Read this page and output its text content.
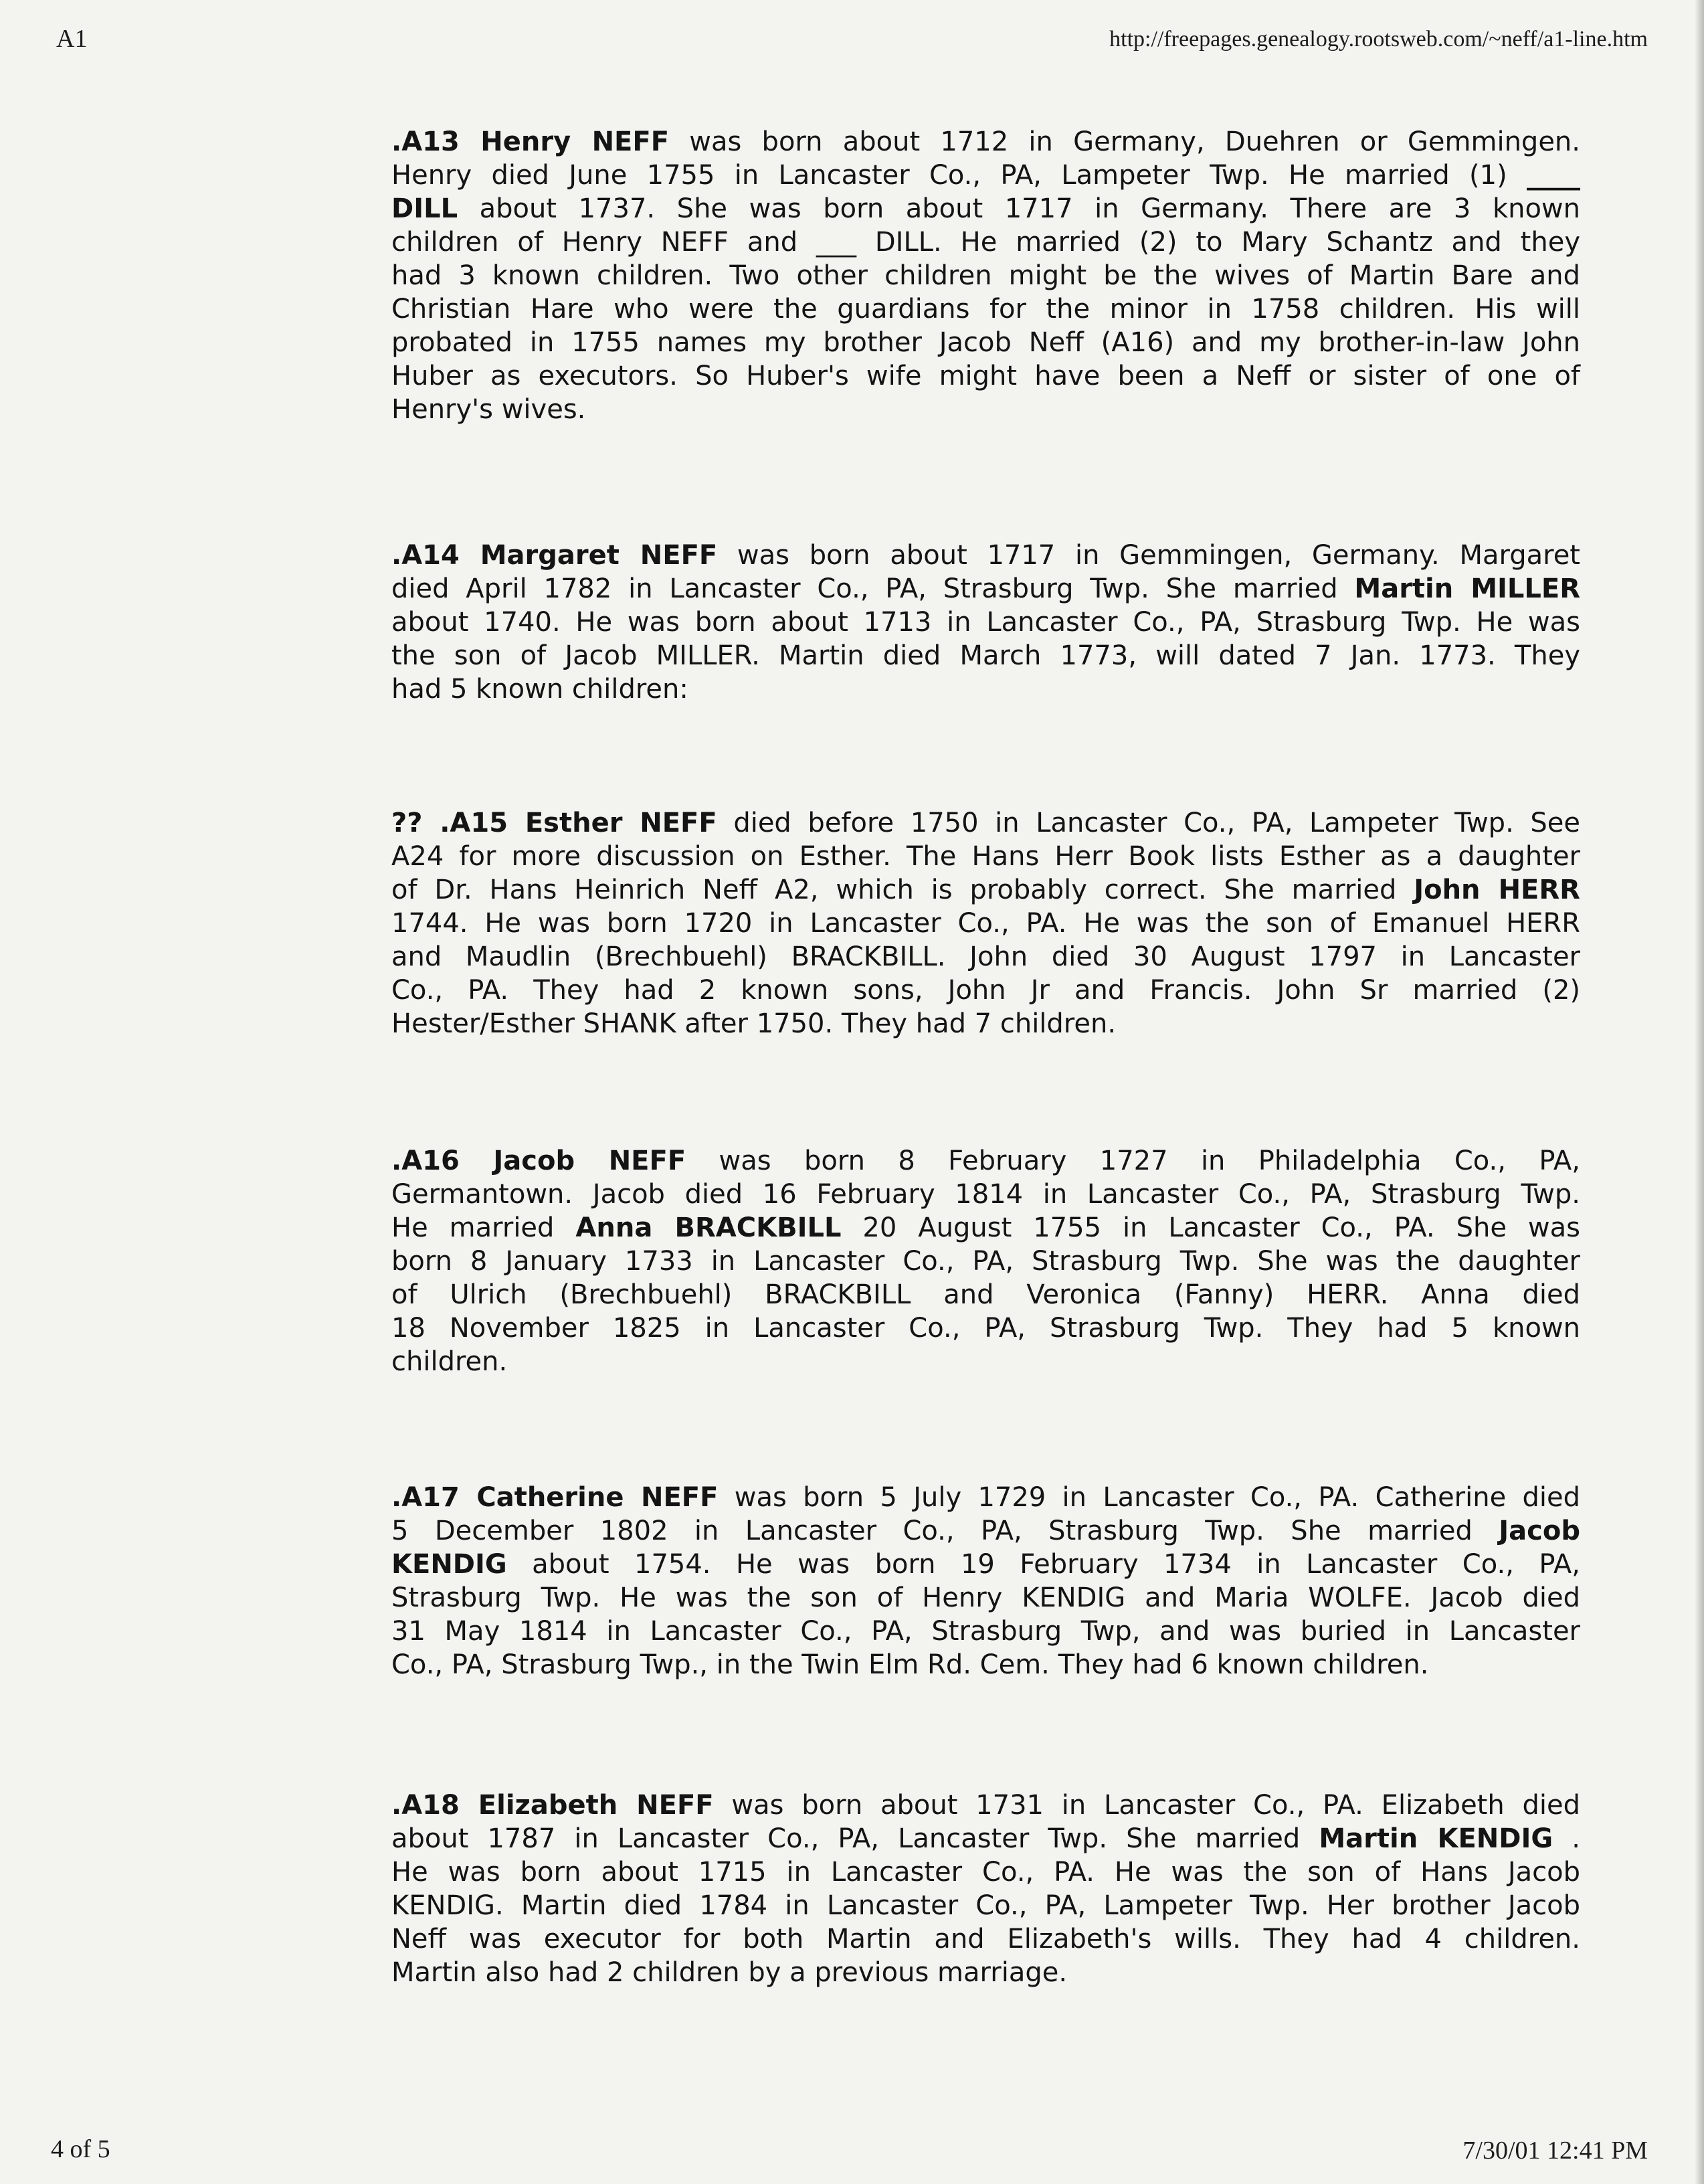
A1	http://freepages.genealogy.rootsweb.com/~neff/a1-line.htm
.A13 Henry NEFF was born about 1712 in Germany, Duehren or Gemmingen.
Henry died June 1755 in Lancaster Co., PA, Lampeter Twp. He married (1) ____
DILL about 1737. She was born about 1717 in Germany. There are 3 known
children of Henry NEFF and ___ DILL. He married (2) to Mary Schantz and they
had 3 known children. Two other children might be the wives of Martin Bare and
Christian Hare who were the guardians for the minor in 1758 children. His will
probated in 1755 names my brother Jacob Neff (A16) and my brother-in-law John
Huber as executors. So Huber's wife might have been a Neff or sister of one of
Henry's wives.
.A14 Margaret NEFF was born about 1717 in Gemmingen, Germany. Margaret
died April 1782 in Lancaster Co., PA, Strasburg Twp. She married Martin MILLER
about 1740. He was born about 1713 in Lancaster Co., PA, Strasburg Twp. He was
the son of Jacob MILLER. Martin died March 1773, will dated 7 Jan. 1773. They
had 5 known children:
?? .A15 Esther NEFF died before 1750 in Lancaster Co., PA, Lampeter Twp. See
A24 for more discussion on Esther. The Hans Herr Book lists Esther as a daughter
of Dr. Hans Heinrich Neff A2, which is probably correct. She married John HERR
1744. He was born 1720 in Lancaster Co., PA. He was the son of Emanuel HERR
and Maudlin (Brechbuehl) BRACKBILL. John died 30 August 1797 in Lancaster
Co., PA. They had 2 known sons, John Jr and Francis. John Sr married (2)
Hester/Esther SHANK after 1750. They had 7 children.
.A16 Jacob NEFF was born 8 February 1727 in Philadelphia Co., PA,
Germantown. Jacob died 16 February 1814 in Lancaster Co., PA, Strasburg Twp.
He married Anna BRACKBILL 20 August 1755 in Lancaster Co., PA. She was
born 8 January 1733 in Lancaster Co., PA, Strasburg Twp. She was the daughter
of Ulrich (Brechbuehl) BRACKBILL and Veronica (Fanny) HERR. Anna died
18 November 1825 in Lancaster Co., PA, Strasburg Twp. They had 5 known
children.
.A17 Catherine NEFF was born 5 July 1729 in Lancaster Co., PA. Catherine died
5 December 1802 in Lancaster Co., PA, Strasburg Twp. She married Jacob
KENDIG about 1754. He was born 19 February 1734 in Lancaster Co., PA,
Strasburg Twp. He was the son of Henry KENDIG and Maria WOLFE. Jacob died
31 May 1814 in Lancaster Co., PA, Strasburg Twp, and was buried in Lancaster
Co., PA, Strasburg Twp., in the Twin Elm Rd. Cem. They had 6 known children.
.A18 Elizabeth NEFF was born about 1731 in Lancaster Co., PA. Elizabeth died
about 1787 in Lancaster Co., PA, Lancaster Twp. She married Martin KENDIG .
He was born about 1715 in Lancaster Co., PA. He was the son of Hans Jacob
KENDIG. Martin died 1784 in Lancaster Co., PA, Lampeter Twp. Her brother Jacob
Neff was executor for both Martin and Elizabeth's wills. They had 4 children.
Martin also had 2 children by a previous marriage.
4 of 5	7/30/01 12:41 PM
